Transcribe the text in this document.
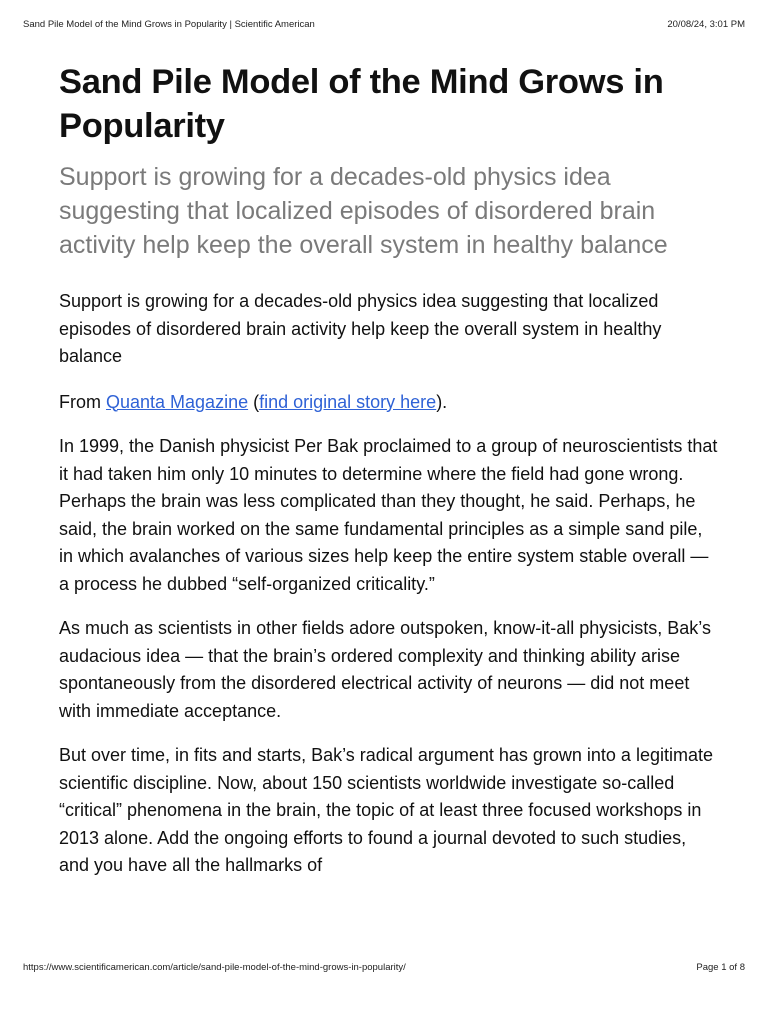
Sand Pile Model of the Mind Grows in Popularity | Scientific American	20/08/24, 3:01 PM
Sand Pile Model of the Mind Grows in Popularity
Support is growing for a decades-old physics idea suggesting that localized episodes of disordered brain activity help keep the overall system in healthy balance

Support is growing for a decades-old physics idea suggesting that localized episodes of disordered brain activity help keep the overall system in healthy balance

From Quanta Magazine (find original story here).

In 1999, the Danish physicist Per Bak proclaimed to a group of neuroscientists that it had taken him only 10 minutes to determine where the field had gone wrong. Perhaps the brain was less complicated than they thought, he said. Perhaps, he said, the brain worked on the same fundamental principles as a simple sand pile, in which avalanches of various sizes help keep the entire system stable overall — a process he dubbed “self-organized criticality.”

As much as scientists in other fields adore outspoken, know-it-all physicists, Bak’s audacious idea — that the brain’s ordered complexity and thinking ability arise spontaneously from the disordered electrical activity of neurons — did not meet with immediate acceptance.

But over time, in fits and starts, Bak’s radical argument has grown into a legitimate scientific discipline. Now, about 150 scientists worldwide investigate so-called “critical” phenomena in the brain, the topic of at least three focused workshops in 2013 alone. Add the ongoing efforts to found a journal devoted to such studies, and you have all the hallmarks of

https://www.scientificamerican.com/article/sand-pile-model-of-the-mind-grows-in-popularity/	Page 1 of 8
